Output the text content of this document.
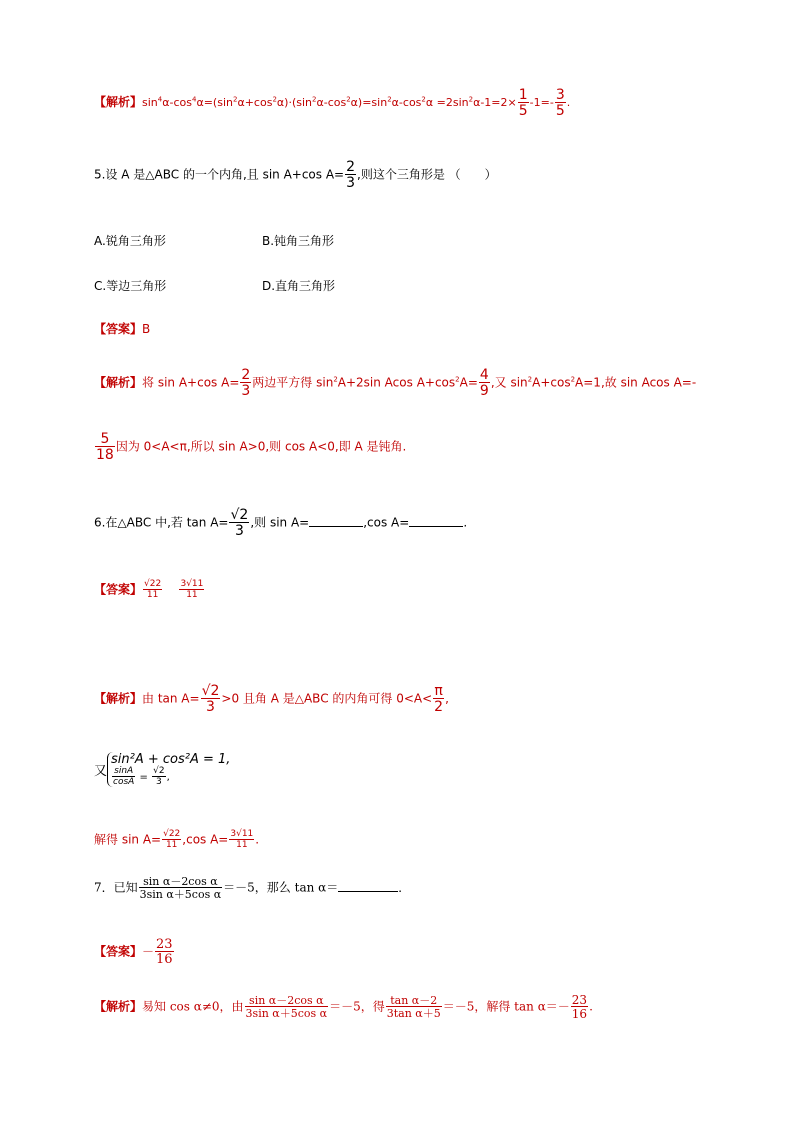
【解析】$\sin^4\alpha-\cos^4\alpha=(\sin^2\alpha+\cos^2\alpha)\cdot(\sin^2\alpha-\cos^2\alpha)=\sin^2\alpha-\cos^2\alpha =2\sin^2\alpha-1=2\times \frac{1}{5} -1=- \frac{3}{5}$ .
5.设 A 是△ABC 的一个内角,且 sin A+cos $A= \frac{2}{3}$ ,则这个三角形是 （　　）
A.锐角三角形	B.钝角三角形
C.等边三角形	D.直角三角形
【答案】B
【解析】将 sin A+cos $A= \frac{2}{3}$ 两边平方得 $\sin^2A+2\sin$ Acos $A+\cos^2A= \frac{4}{9}$ ,又 $\sin^2A+\cos^2A=1$,故 sin Acos A=-
$\frac{5}{18}$ 因为 0<A<π,所以 sin A>0,则 cos A<0,即 A 是钝角.
6.在△ABC 中,若 $\tan A= \frac{√2}{3}$ ,则 sin A=	,cos A=	.
【答案】 $\frac{√22}{11}$
$\frac{3√11}{11}$
【解析】由 $\tan A= \frac{√2}{3} >0$ 且角 A 是△ABC 的内角可得 $0<A< \frac{\pi}{2}$ ,
又
sin²A + cos²A = 1,
$\frac{\sin A}{\cos A} = \frac{√2}{3}$ ,
解得 $\sin A= \frac{√22}{11} ,\cos$ $A= \frac{3√11}{11}$ .
7．已知 $\frac{\text{sin α－2cos α}}{\text{3sin α＋5cos α}} =-5$，那么 tan α＝	．
【答案】－ $\frac{23}{16}$
【解析】易知 cos α≠0，由 $\frac{\text{sin α－2cos α}}{\text{3sin α＋5cos α}} =-5$，得 $\frac{\text{tan α－2}}{\text{3tan α＋5}} =-5$，解得 $\tan \alpha=- \frac{23}{16}$ .
